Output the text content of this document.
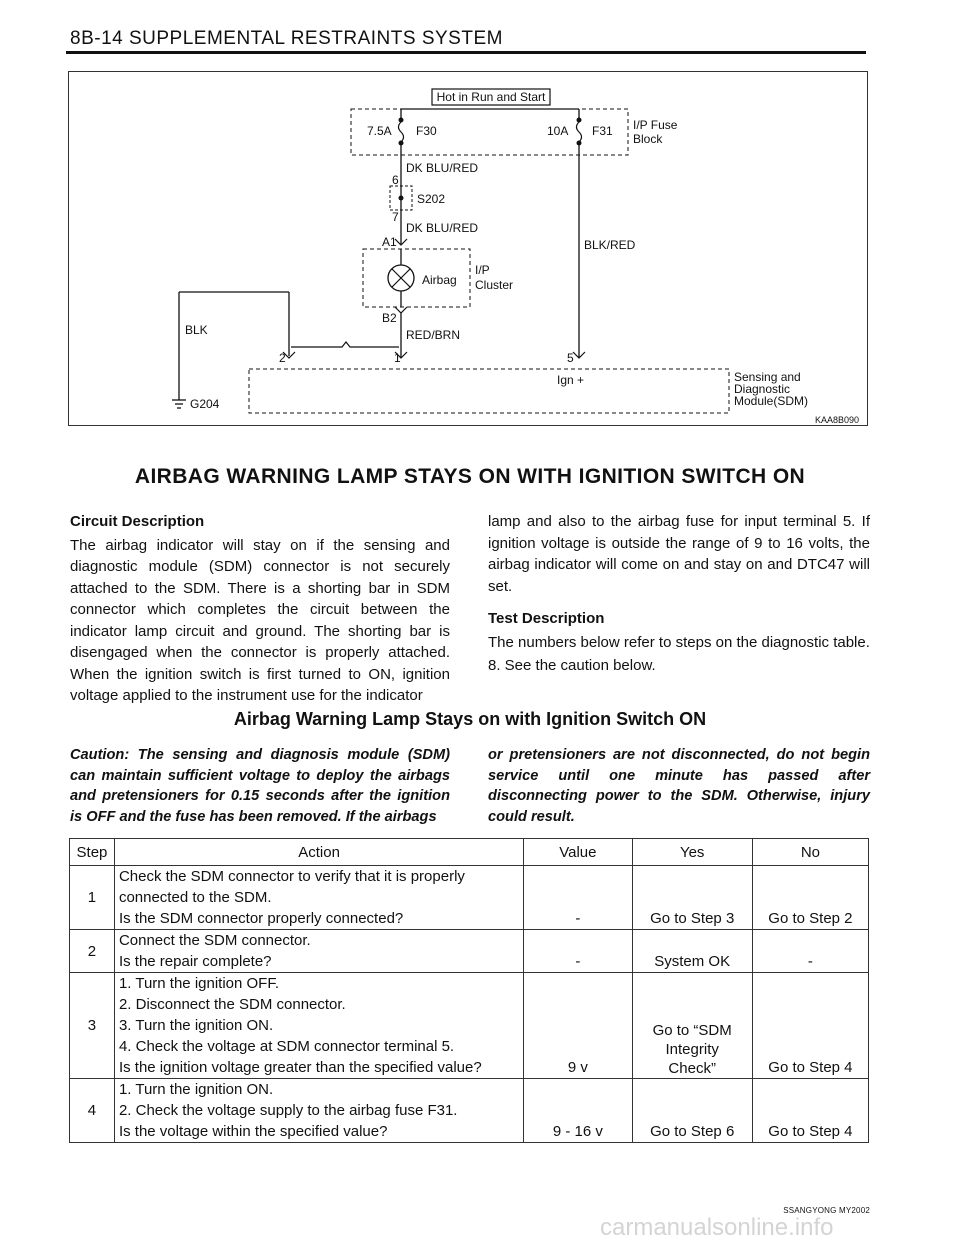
8B-14 SUPPLEMENTAL RESTRAINTS SYSTEM
Hot in Run and Start
7.5A F30	10A F31 I/P Fuse
Block
DK BLU/RED
6
S202
7
DK BLU/RED
A1
Airbag
I/P
Cluster
B2
RED/BRN
1
BLK/RED
5
2
BLK
G204
Ign +	Sensing and
Diagnostic
Module(SDM)
KAA8B090
AIRBAG WARNING LAMP STAYS ON WITH IGNITION SWITCH ON

Circuit Description

The airbag indicator will stay on if the sensing and diagnostic module (SDM) connector is not securely attached to the SDM. There is a shorting bar in SDM connector which completes the circuit between the indicator lamp circuit and ground. The shorting bar is disengaged when the connector is properly attached. When the ignition switch is first turned to ON, ignition voltage applied to the instrument use for the indicator

lamp and also to the airbag fuse for input terminal 5. If ignition voltage is outside the range of 9 to 16 volts, the airbag indicator will come on and stay on and DTC47 will set.

Test Description

The numbers below refer to steps on the diagnostic table.

8. See the caution below.

Airbag Warning Lamp Stays on with Ignition Switch ON
Caution: The sensing and diagnosis module (SDM) can maintain sufficient voltage to deploy the airbags and pretensioners for 0.15 seconds after the ignition is OFF and the fuse has been removed. If the airbags
or pretensioners are not disconnected, do not begin service until one minute has passed after disconnecting power to the SDM. Otherwise, injury could result.
Step	Action	Value	Yes	No
1	Check the SDM connector to verify that it is properly
connected to the SDM.
Is the SDM connector properly connected?	-	Go to Step 3	Go to Step 2
2	Connect the SDM connector.
Is the repair complete?	-	System OK	-
3	1. Turn the ignition OFF.
2. Disconnect the SDM connector.
3. Turn the ignition ON.
4. Check the voltage at SDM connector terminal 5.
Is the ignition voltage greater than the specified value?	9 v	Go to “SDM
Integrity
Check”	Go to Step 4
4	1. Turn the ignition ON.
2. Check the voltage supply to the airbag fuse F31.
Is the voltage within the specified value?	9 - 16 v	Go to Step 6	Go to Step 4
SSANGYONG MY2002
carmanualsonline.info
